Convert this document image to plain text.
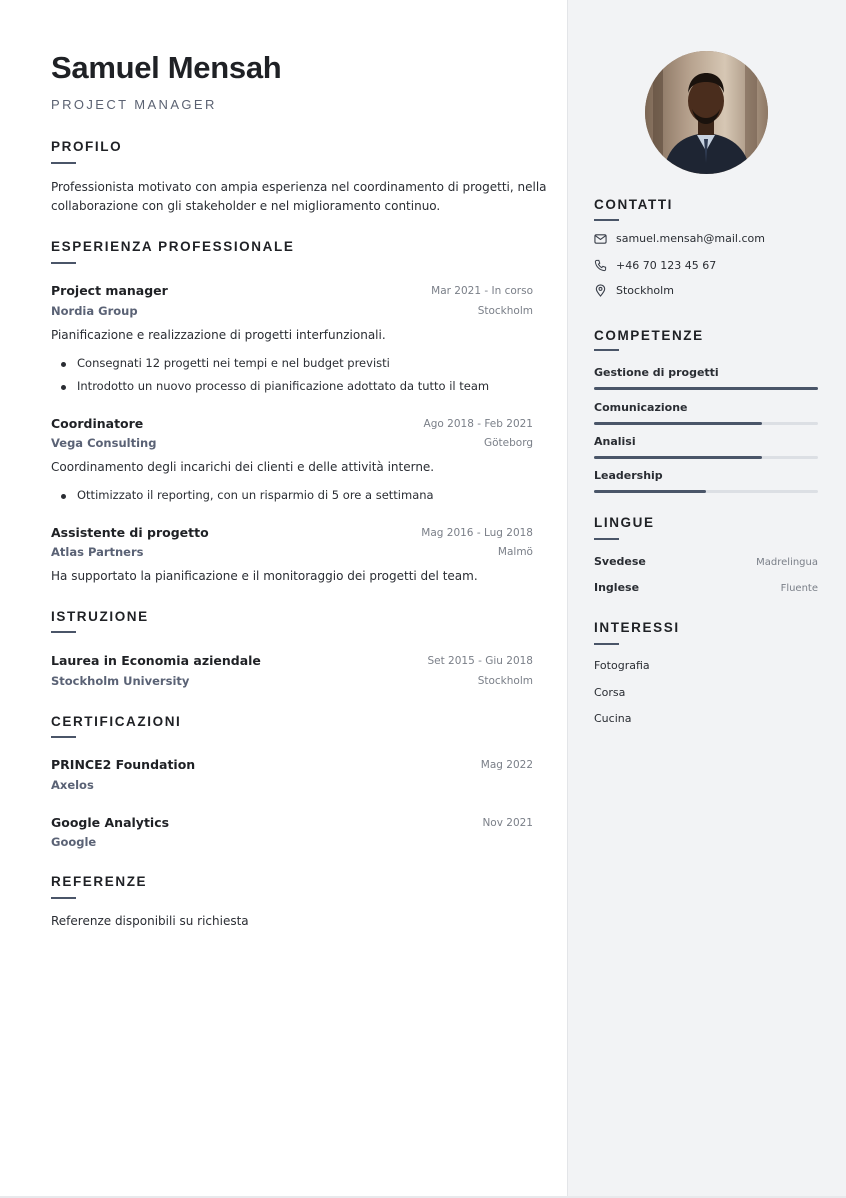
Samuel Mensah
PROJECT MANAGER
PROFILO
Professionista motivato con ampia esperienza nel coordinamento di progetti, nella
collaborazione con gli stakeholder e nel miglioramento continuo.
ESPERIENZA PROFESSIONALE
Project manager	Mar 2021 - In corso
Nordia Group	Stockholm
Pianificazione e realizzazione di progetti interfunzionali.
Consegnati 12 progetti nei tempi e nel budget previsti
Introdotto un nuovo processo di pianificazione adottato da tutto il team
Coordinatore	Ago 2018 - Feb 2021
Vega Consulting	Göteborg
Coordinamento degli incarichi dei clienti e delle attività interne.
Ottimizzato il reporting, con un risparmio di 5 ore a settimana
Assistente di progetto	Mag 2016 - Lug 2018
Atlas Partners	Malmö
Ha supportato la pianificazione e il monitoraggio dei progetti del team.
ISTRUZIONE
Laurea in Economia aziendale	Set 2015 - Giu 2018
Stockholm University	Stockholm
CERTIFICAZIONI
PRINCE2 Foundation	Mag 2022
Axelos
Google Analytics	Nov 2021
Google
REFERENZE
Referenze disponibili su richiesta
CONTATTI
samuel.mensah@mail.com
+46 70 123 45 67
Stockholm
COMPETENZE
Gestione di progetti
Comunicazione
Analisi
Leadership
LINGUE
Svedese	Madrelingua
Inglese	Fluente
INTERESSI
Fotografia
Corsa
Cucina
